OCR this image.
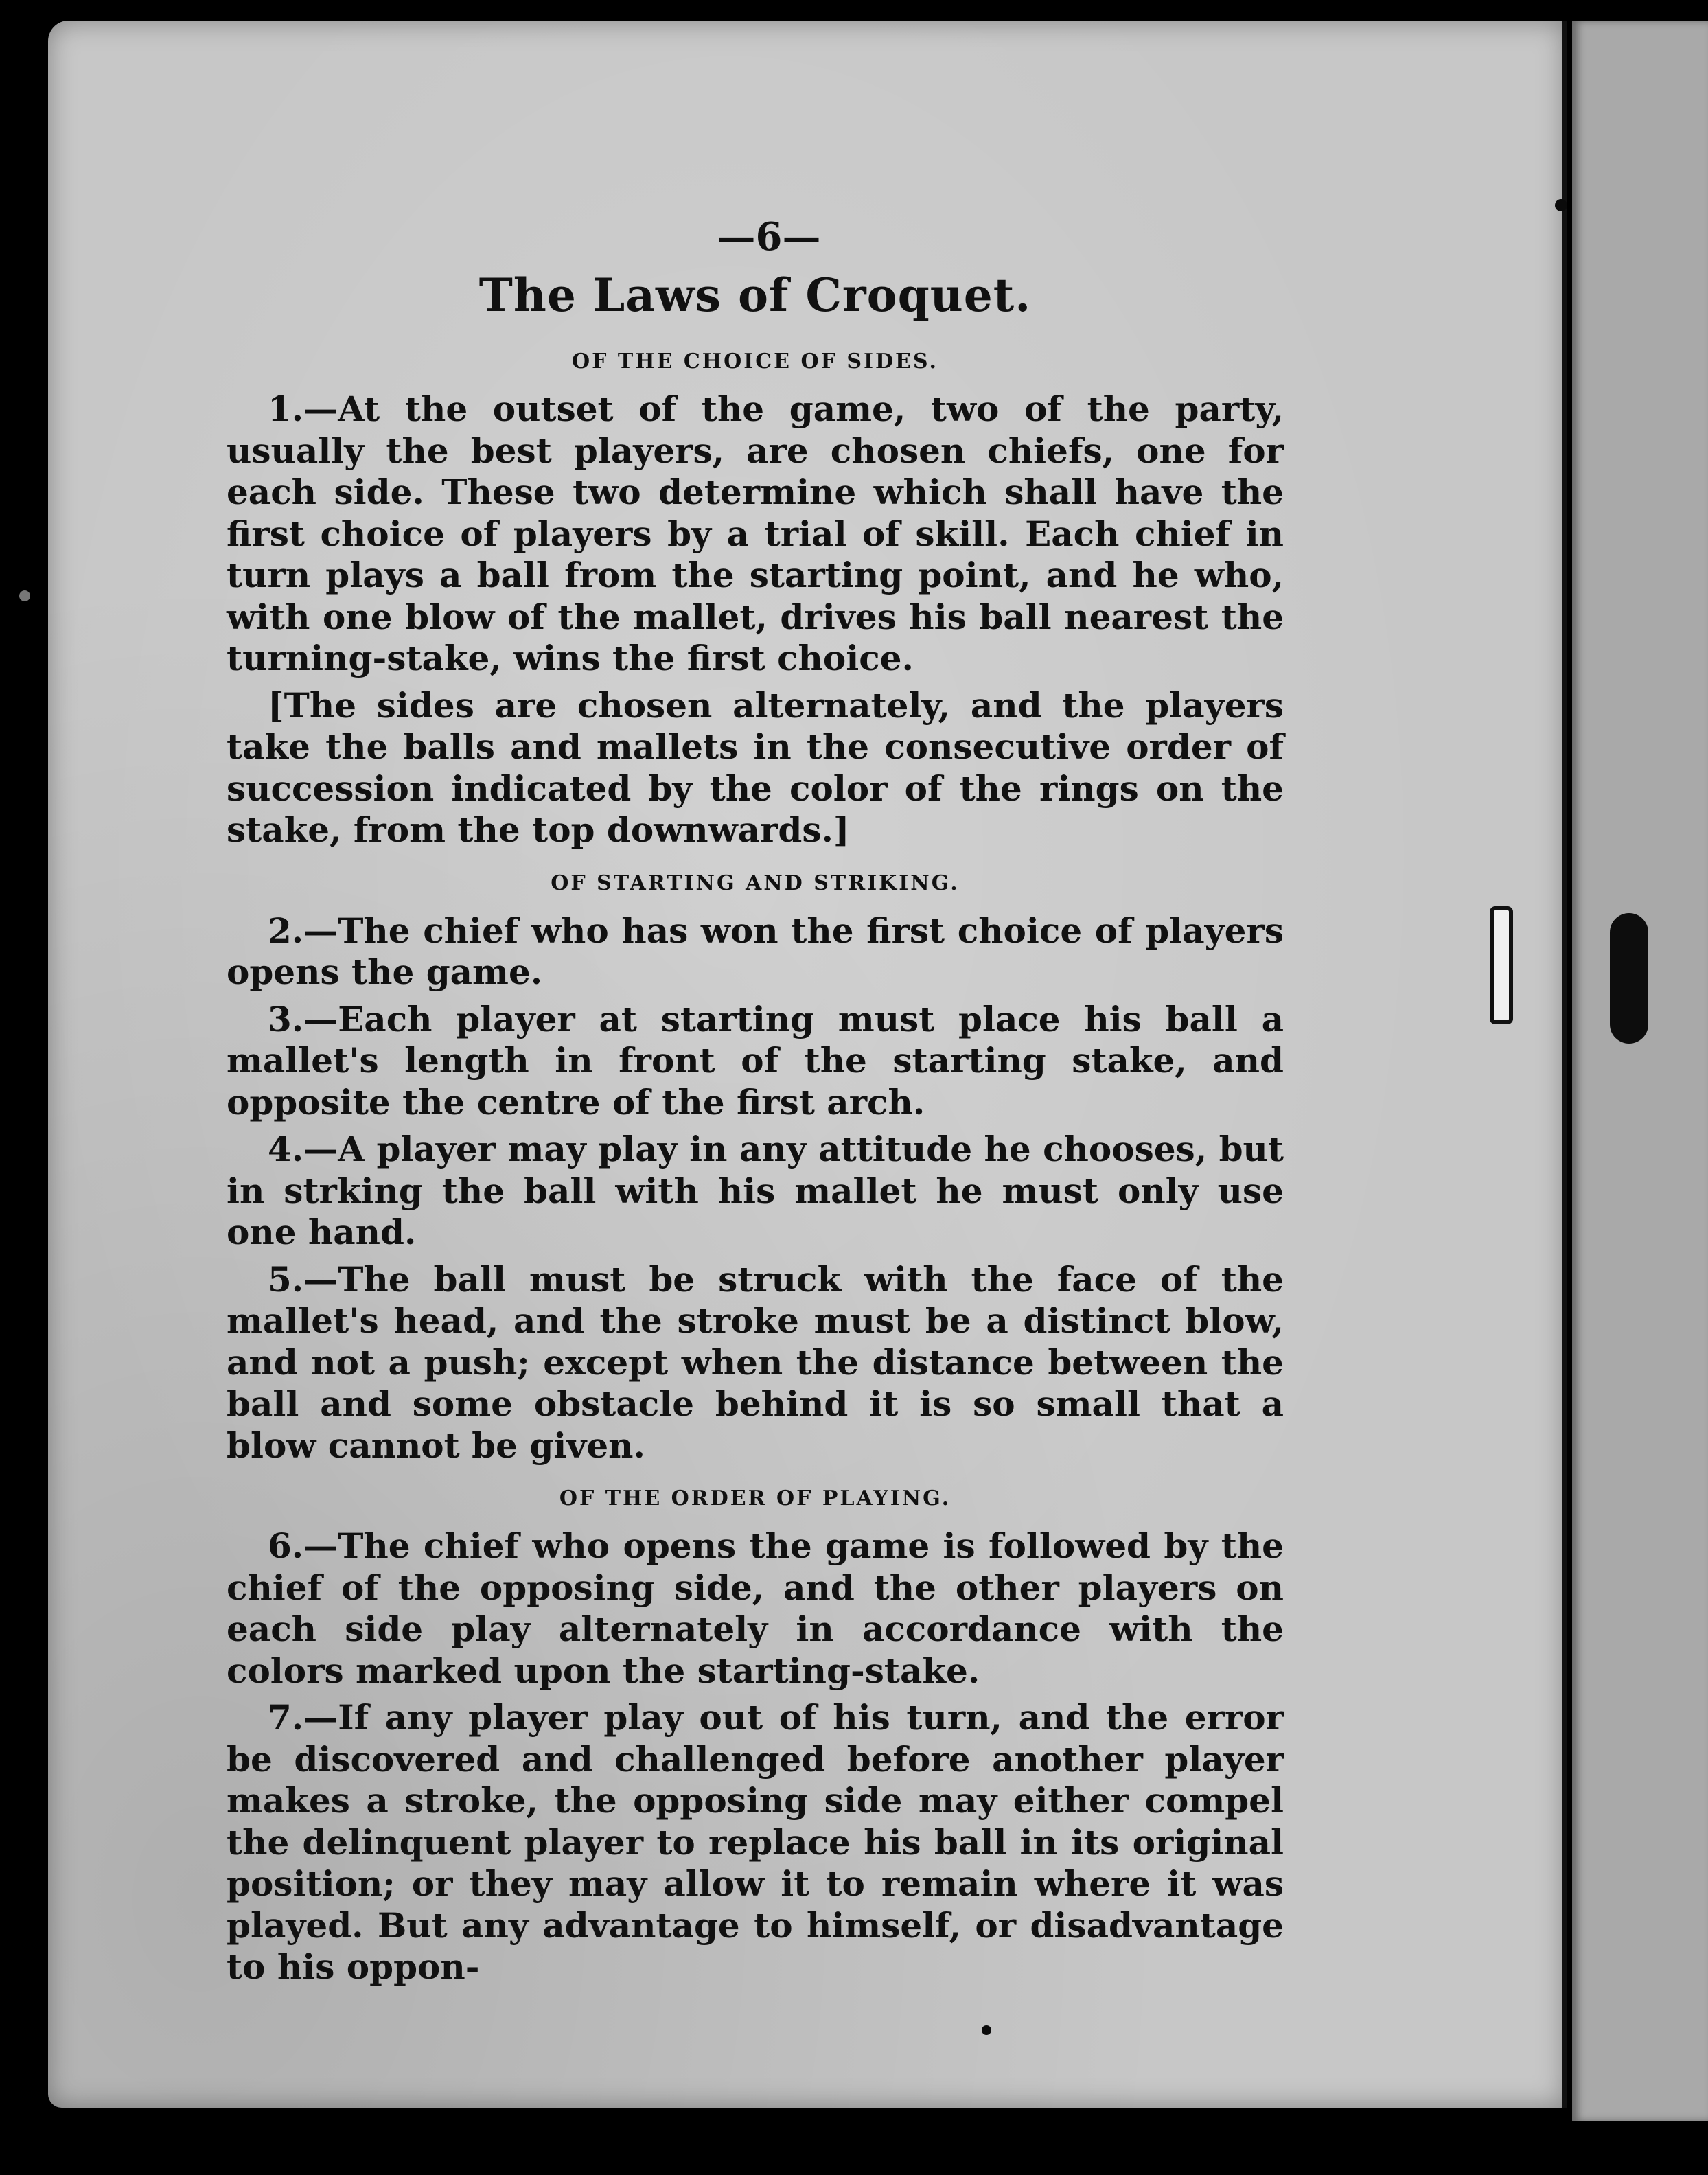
—6—
The Laws of Croquet.
OF THE CHOICE OF SIDES.

1.—At the outset of the game, two of the party, usually the best players, are chosen chiefs, one for each side. These two determine which shall have the first choice of players by a trial of skill. Each chief in turn plays a ball from the starting point, and he who, with one blow of the mallet, drives his ball nearest the turning-stake, wins the first choice.

[The sides are chosen alternately, and the players take the balls and mallets in the consecutive order of succession indicated by the color of the rings on the stake, from the top downwards.]

OF STARTING AND STRIKING.

2.—The chief who has won the first choice of players opens the game.

3.—Each player at starting must place his ball a mallet's length in front of the starting stake, and opposite the centre of the first arch.

4.—A player may play in any attitude he chooses, but in strking the ball with his mallet he must only use one hand.

5.—The ball must be struck with the face of the mallet's head, and the stroke must be a distinct blow, and not a push; except when the distance between the ball and some obstacle behind it is so small that a blow cannot be given.

OF THE ORDER OF PLAYING.

6.—The chief who opens the game is followed by the chief of the opposing side, and the other players on each side play alternately in accordance with the colors marked upon the starting-stake.

7.—If any player play out of his turn, and the error be discovered and challenged before another player makes a stroke, the opposing side may either compel the delinquent player to replace his ball in its original position; or they may allow it to remain where it was played. But any advantage to himself, or disadvantage to his oppon-
